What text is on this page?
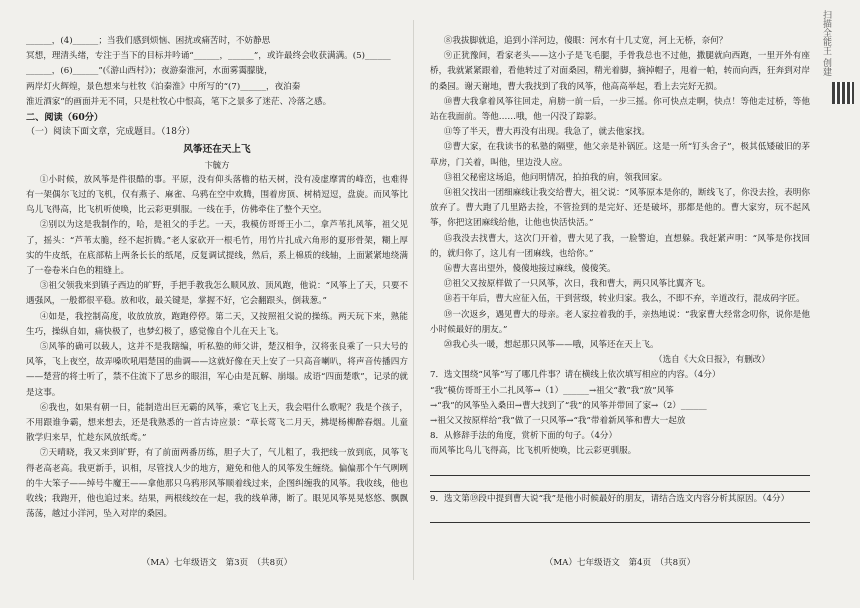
______，(4)______；当我们感到烦恼、困扰或痛苦时，不妨静思
冥想，理清头绪，专注于当下的目标并吟诵“______，______”，或许最终会收获满满。(5)______
______，(6)______”(《游山西村》)；夜游秦淮河，水面雾霭朦胧，
两岸灯火辉煌，景色想来与杜牧《泊秦淮》中所写的“(7)______，夜泊秦
淮近酒家”的画面并无不同，只是杜牧心中恨高，笔下之景多了迷茫、冷落之感。
二、阅读（60分）
（一）阅读下面文章，完成题目。（18分）
风筝还在天上飞
卞毓方
①小时候，放风筝是件很酷的事。平原，没有仰头落檐的枯天树，没有凌虚摩霄的峰峦，也难得有一架偶尔飞过的飞机，仅有燕子、麻雀、乌鸦在空中欢腾，围着房顶、树梢逗逗，盘旋。而风筝比鸟儿飞得高，比飞机听使唤，比云彩更驯服。一线在手，仿佛牵住了整个天空。
②别以为这是我制作的，哈，是祖父的手艺。一天，我模仿哥哥王小二，拿芦苇扎风筝，祖父见了，摇头：“芦苇太脆，经不起折腾。”老人家砍开一根毛竹，用竹片扎成六角形的夏形骨架，糊上厚实的牛皮纸，在底部粘上两条长长的纸尾，反复调试提线，然后，系上棉质的线轴，上面紧紧地绕满了一卷卷米白色的粗缝上。
③祖父领我来到镇子西边的旷野，手把手教我怎么顺风放、顶风跑，他说：“风筝上了天，只要不遇强风，一般都很平稳。放和收，最关键是，掌握不好，它会翻跟头，倒栽葱。”
④如是，我控制高度，收放放放，跑跑停停。第二天，又按照祖父说的操练。两天玩下来，熟能生巧，操纵自如，痛快极了，也梦幻极了，感觉像自个儿在天上飞。
⑤风筝的确可以载人，这并不是我瞎编，听私塾的师父讲，楚汉相争，汉将张良乘了一只大号的风筝，飞上夜空，故弄嗓吹吼唱楚国的曲调——这就好像在天上安了一只高音喇叭，将声音传播四方——楚营的将士听了，禁不住流下了思乡的眼泪，军心由是瓦解、崩塌。成语“四面楚歌”，记录的就是这事。
⑥我也，如果有朝一日，能制造出巨无霸的风筝，乘它飞上天，我会唱什么歌呢？我是个孩子，不用跟谁争霸，想来想去，还是我熟悉的一首古诗应景：“草长莺飞二月天，拂堤杨柳醉春烟。儿童散学归来早，忙趁东风放纸鸢。”
⑦天晴晓，我又来到旷野，有了前面两番历练，胆子大了，气儿粗了，我把线一放到底，风筝飞得老高老高。我更新手，识相，尽管找人少的地方，避免和他人的风筝发生缠绕。偏偏那个午气咧咧的牛大笨子——绰号牛魔王——拿他那只乌鸦形风筝顺着线过来，企图纠缠我的风筝。我收线，他也收线；我跑开，他也追过来。结果，两根线绞在一起，我的线单薄，断了。眼见风筝晃晃悠悠、飘飘荡荡，越过小洋河，坠入对岸的桑园。
⑧我拔脚就追，追到小洋河边，傻眼：河水有十几丈宽，河上无桥，奈何？
⑨正犹豫间，看家老头——这小子是飞毛腿，手骨我总也不过他，撒腿就向西跑，一里开外有座桥，我就紧紧跟着，看他转过了对面桑园，精光着脚，摘掉帽子，甩着一帕，转而向西，狂奔到对岸的桑园。谢天谢地，曹大我找到了我的风筝，他高高举起，看上去完好无损。
⑩曹大我拿着风筝往回走，肩膀一前一后，一步三摇。你可快点走啊，快点！等他走过桥，等他站在我面前。等他……哦，他一闪没了踪影。
⑪等了半天，曹大再没有出现。我急了，就去他家找。
⑫曹大家，在我读书的私塾的隔壁，他父亲是补锅匠。这是一所“钉头舍子”，极其低矮破旧的茅草房，门关着，叫他，里边没人应。
⑬祖父秘密这场追，他问明情况，拍拍我的肩，领我回家。
⑭祖父找出一团细麻线让我交给曹大，祖父说：“风筝原本是你的，断线飞了，你没去捡，表明你放弃了。曹大跑了几里路去捡，不管捡到的是完好、还是破坏，那都是他的。曹大家穷，玩不起风筝，你把这团麻线给他，让他也快活快活。”
⑮我没去找曹大，这次门开着，曹大见了我，一脸警迫，直想躲。我赶紧声明：“风筝是你找回的，就归你了，这儿有一团麻线，也给你。”
⑯曹大喜出望外，傻傻地接过麻线，傻傻笑。
⑰祖父又按原样做了一只风筝，次日，我和曹大，两只风筝比翼齐飞。
⑱若干年后，曹大应征入伍，干到营级，转业归家。我么，不即不弃，辛道改行，混成码字匠。
⑲一次返乡，遇见曹大的母亲。老人家拉着我的手，亲热地说：“我家曹大经常念叨你，说你是他小时候最好的朋友。”
⑳我心头一暖，想起那只风筝——哦，风筝还在天上飞。
（选自《大众日报》，有删改）
7．选文围绕“风筝”写了哪几件事？请在横线上依次填写相应的内容。（4分）
“我”模仿哥哥王小二扎风筝→（1）______→祖父“教”我“放”风筝
→“我”的风筝坠入桑田→曹大找到了“我”的风筝并带回了家→（2）______
→祖父又按原样给“我”做了一只风筝→“我”带着新风筝和曹大一起放
8．从修辞手法的角度，赏析下面的句子。（4分）
而风筝比鸟儿飞得高，比飞机听使唤，比云彩更驯服。
9．选文第⑲段中提到曹大说“我”是他小时候最好的朋友，请结合选文内容分析其原因。（4分）
（MA）七年级语文　第3页　（共8页）	（MA）七年级语文　第4页　（共8页）
扫描全能王 创建
